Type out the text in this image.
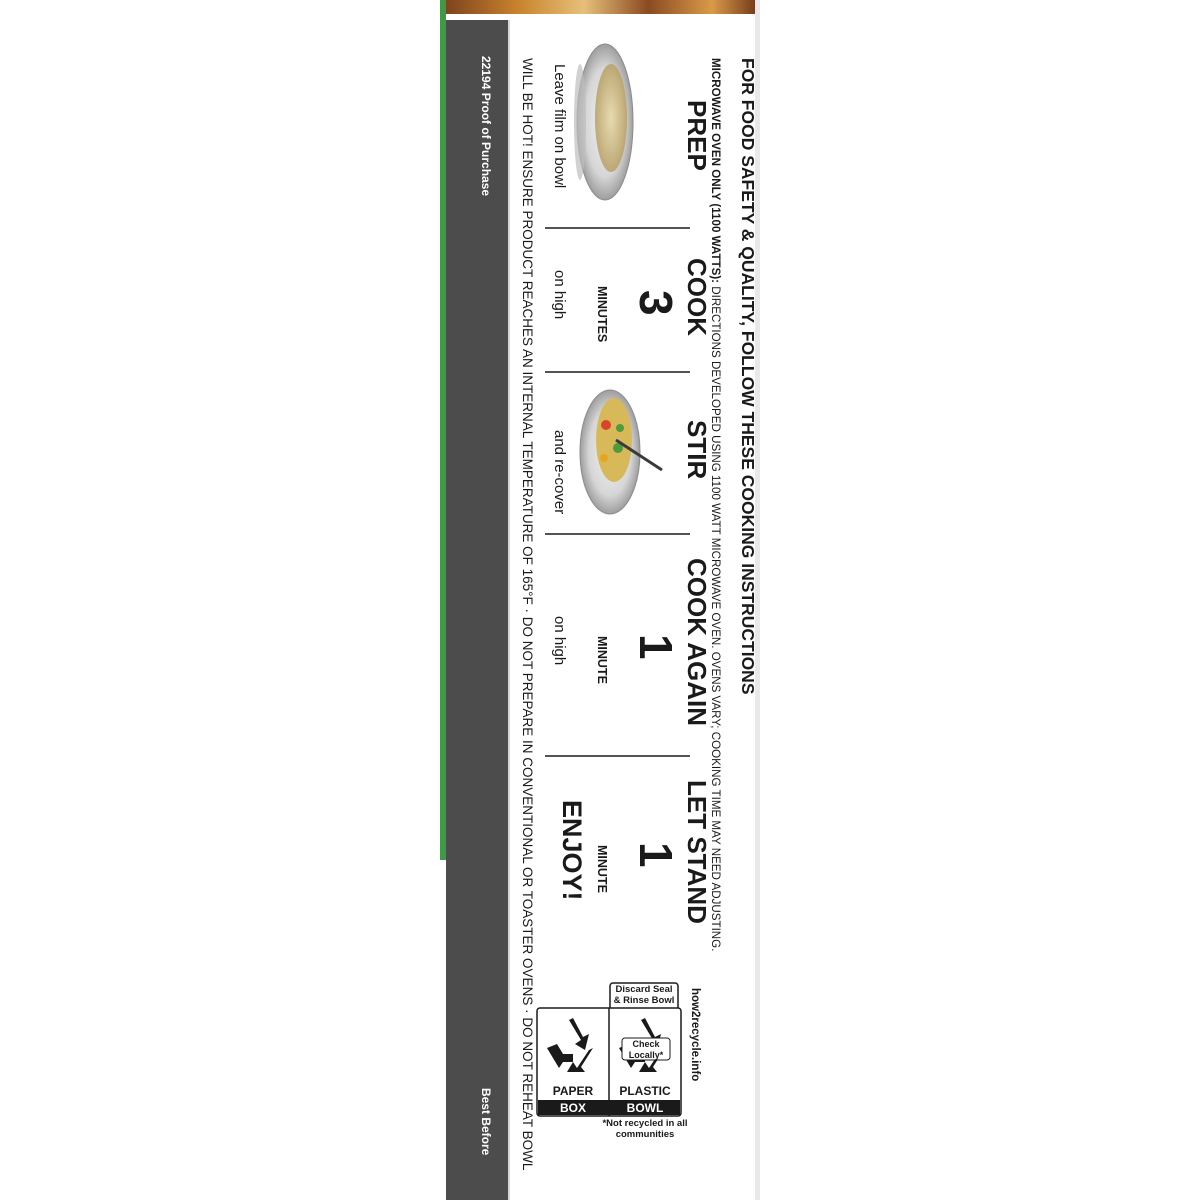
FOR FOOD SAFETY & QUALITY, FOLLOW THESE COOKING INSTRUCTIONS
MICROWAVE OVEN ONLY (1100 WATTS): DIRECTIONS DEVELOPED USING 1100 WATT MICROWAVE OVEN. OVENS VARY; COOKING TIME MAY NEED ADJUSTING.
PREP
COOK
STIR
COOK AGAIN
LET STAND
3
1
1
MINUTES
MINUTE
MINUTE
Leave film on bowl
on high
and re-cover
on high
ENJOY!
WILL BE HOT! ENSURE PRODUCT REACHES AN INTERNAL TEMPERATURE OF 165°F · DO NOT PREPARE IN CONVENTIONAL OR TOASTER OVENS · DO NOT REHEAT BOWL
22194 Proof of Purchase
Best Before
how2recycle.info
Discard Seal & Rinse Bowl
Check Locally*
PAPER
BOX
PLASTIC
BOWL
*Not recycled in all communities
